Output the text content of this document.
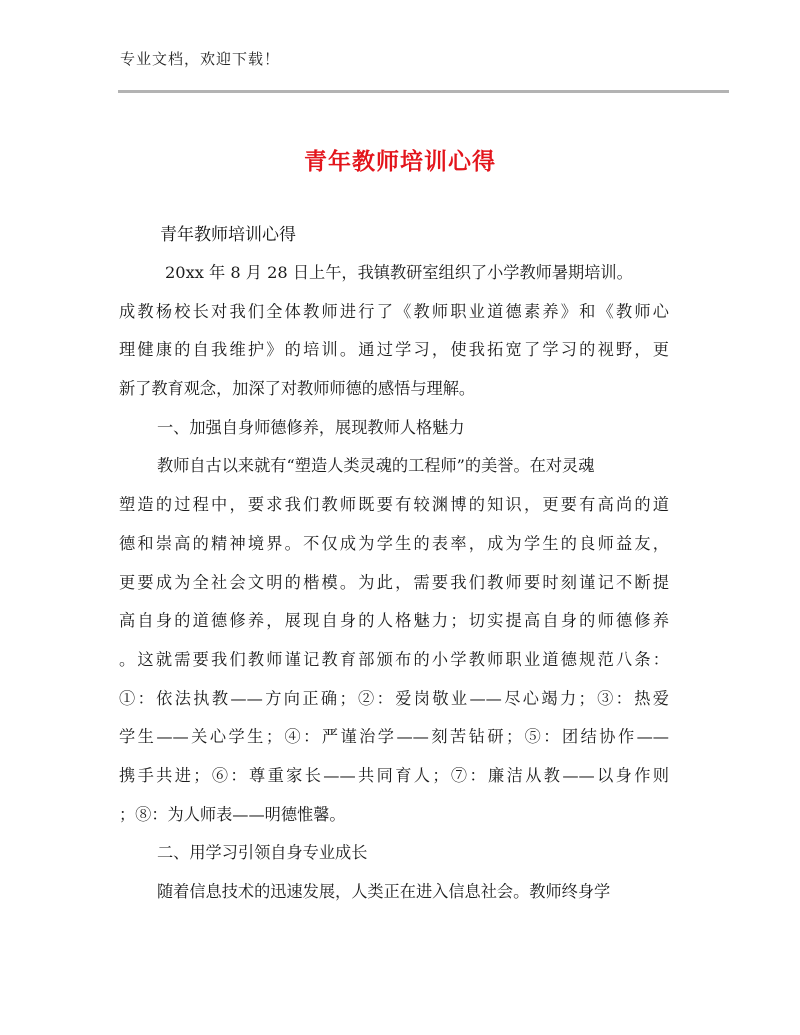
专业文档，欢迎下载！
青年教师培训心得
青年教师培训心得
20xx 年 8 月 28 日上午，我镇教研室组织了小学教师暑期培训。
成教杨校长对我们全体教师进行了《教师职业道德素养》和《教师心
理健康的自我维护》的培训。通过学习，使我拓宽了学习的视野，更
新了教育观念，加深了对教师师德的感悟与理解。
一、加强自身师德修养，展现教师人格魅力
教师自古以来就有“塑造人类灵魂的工程师”的美誉。在对灵魂
塑造的过程中，要求我们教师既要有较渊博的知识，更要有高尚的道
德和崇高的精神境界。不仅成为学生的表率，成为学生的良师益友，
更要成为全社会文明的楷模。为此，需要我们教师要时刻谨记不断提
高自身的道德修养，展现自身的人格魅力；切实提高自身的师德修养
。这就需要我们教师谨记教育部颁布的小学教师职业道德规范八条：
①：依法执教——方向正确；②：爱岗敬业——尽心竭力；③：热爱
学生——关心学生；④：严谨治学——刻苦钻研；⑤：团结协作——
携手共进；⑥：尊重家长——共同育人；⑦：廉洁从教——以身作则
；⑧：为人师表——明德惟馨。
二、用学习引领自身专业成长
随着信息技术的迅速发展，人类正在进入信息社会。教师终身学
